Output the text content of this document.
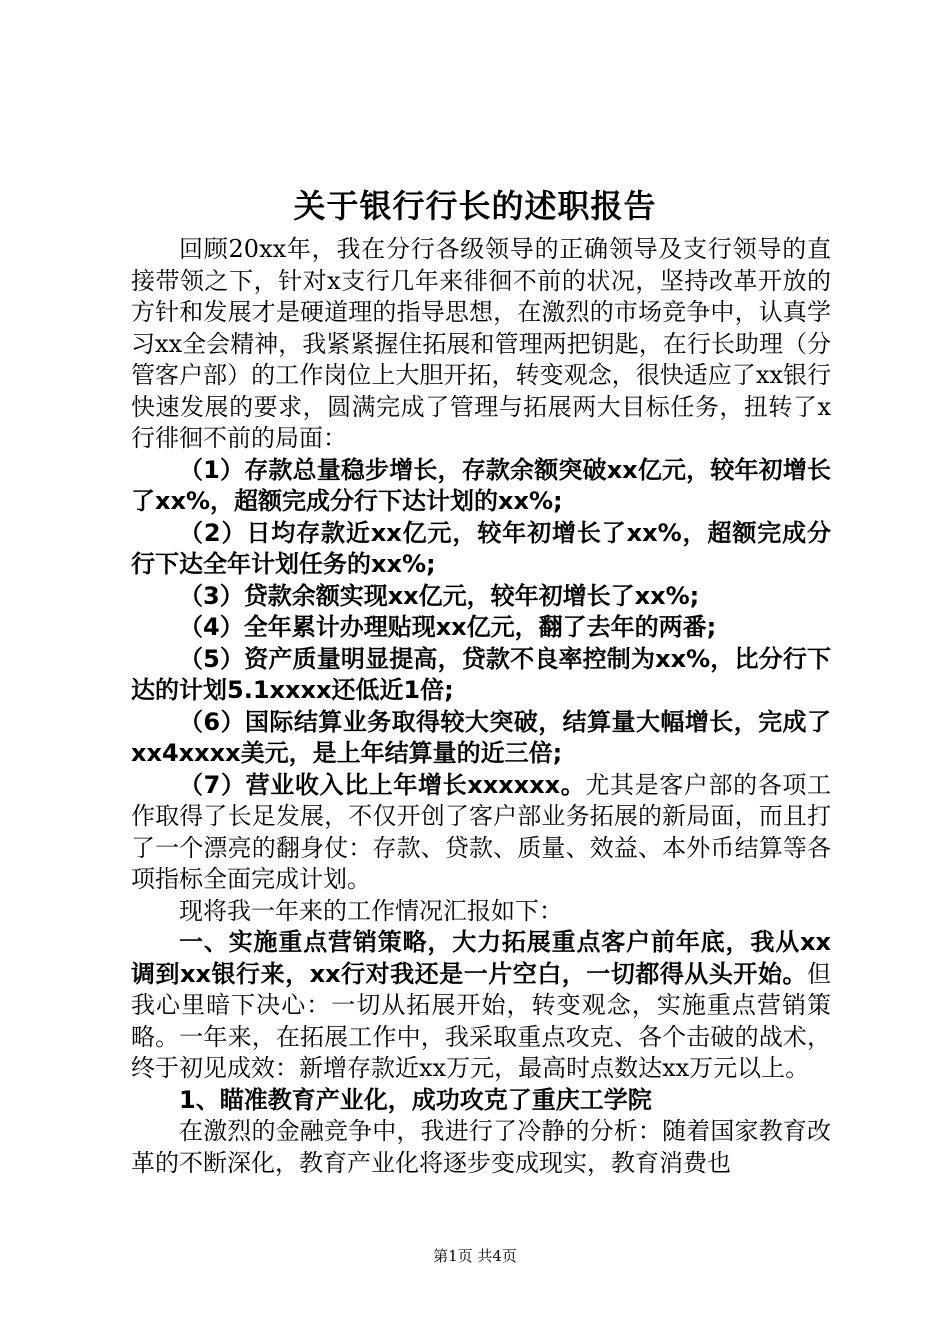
关于银行行长的述职报告

回顾20xx年，我在分行各级领导的正确领导及支行领导的直接带领之下，针对x支行几年来徘徊不前的状况，坚持改革开放的方针和发展才是硬道理的指导思想，在激烈的市场竞争中，认真学习xx全会精神，我紧紧握住拓展和管理两把钥匙，在行长助理（分管客户部）的工作岗位上大胆开拓，转变观念，很快适应了xx银行快速发展的要求，圆满完成了管理与拓展两大目标任务，扭转了x行徘徊不前的局面：

（1）存款总量稳步增长，存款余额突破xx亿元，较年初增长了xx%，超额完成分行下达计划的xx%;

（2）日均存款近xx亿元，较年初增长了xx%，超额完成分行下达全年计划任务的xx%;

（3）贷款余额实现xx亿元，较年初增长了xx%;

（4）全年累计办理贴现xx亿元，翻了去年的两番;

（5）资产质量明显提高，贷款不良率控制为xx%，比分行下达的计划5.1xxxx还低近1倍;

（6）国际结算业务取得较大突破，结算量大幅增长，完成了xx4xxxx美元，是上年结算量的近三倍;

（7）营业收入比上年增长xxxxxx。尤其是客户部的各项工作取得了长足发展，不仅开创了客户部业务拓展的新局面，而且打了一个漂亮的翻身仗：存款、贷款、质量、效益、本外币结算等各项指标全面完成计划。

现将我一年来的工作情况汇报如下：

一、实施重点营销策略，大力拓展重点客户前年底，我从xx调到xx银行来，xx行对我还是一片空白，一切都得从头开始。但我心里暗下决心：一切从拓展开始，转变观念，实施重点营销策略。一年来，在拓展工作中，我采取重点攻克、各个击破的战术，终于初见成效：新增存款近xx万元，最高时点数达xx万元以上。

1、瞄准教育产业化，成功攻克了重庆工学院

在激烈的金融竞争中，我进行了冷静的分析：随着国家教育改革的不断深化，教育产业化将逐步变成现实，教育消费也

第1页 共4页
